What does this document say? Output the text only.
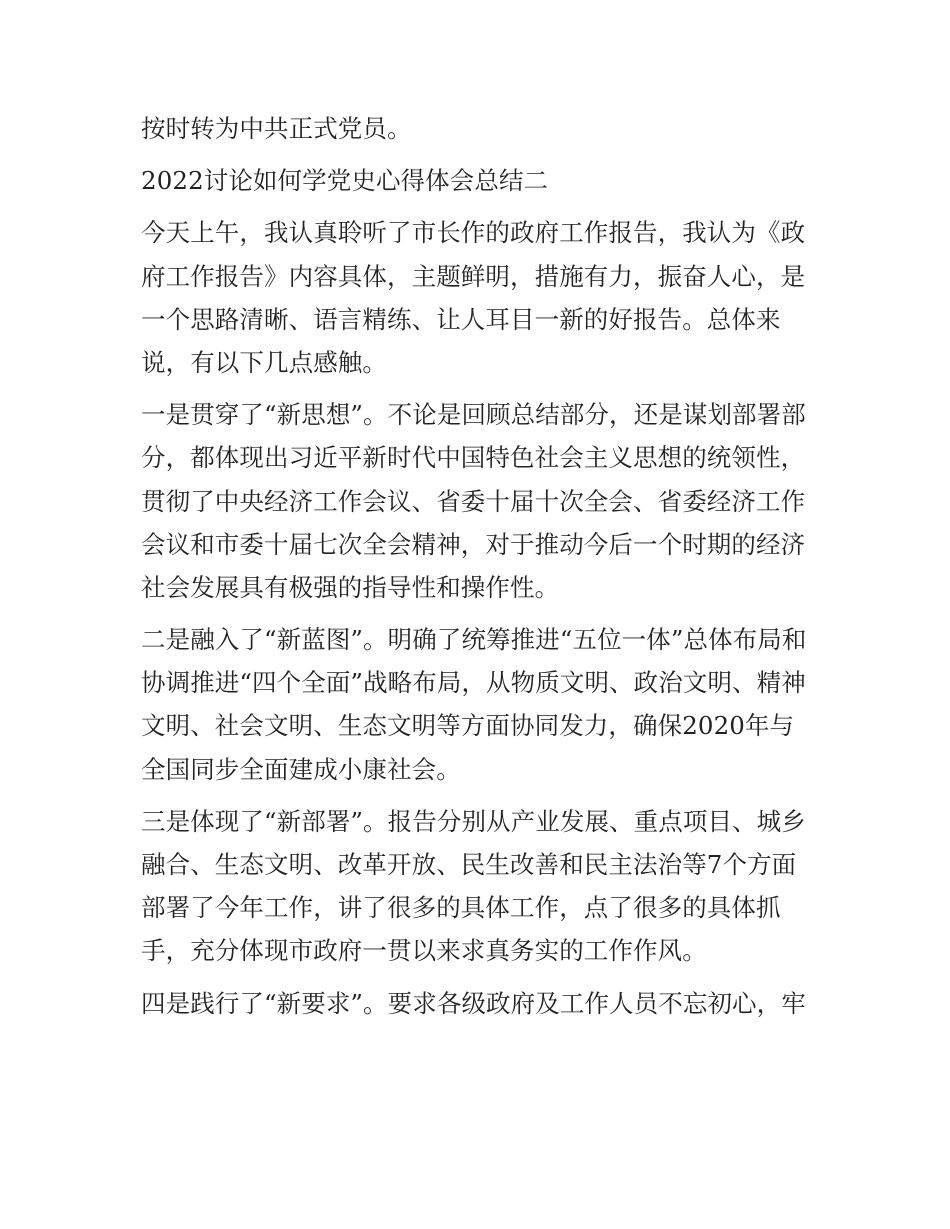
按时转为中共正式党员。
2022讨论如何学党史心得体会总结二
今天上午，我认真聆听了市长作的政府工作报告，我认为《政
府工作报告》内容具体，主题鲜明，措施有力，振奋人心，是
一个思路清晰、语言精练、让人耳目一新的好报告。总体来
说，有以下几点感触。
一是贯穿了“新思想”。不论是回顾总结部分，还是谋划部署部
分，都体现出习近平新时代中国特色社会主义思想的统领性，
贯彻了中央经济工作会议、省委十届十次全会、省委经济工作
会议和市委十届七次全会精神，对于推动今后一个时期的经济
社会发展具有极强的指导性和操作性。
二是融入了“新蓝图”。明确了统筹推进“五位一体”总体布局和
协调推进“四个全面”战略布局，从物质文明、政治文明、精神
文明、社会文明、生态文明等方面协同发力，确保2020年与
全国同步全面建成小康社会。
三是体现了“新部署”。报告分别从产业发展、重点项目、城乡
融合、生态文明、改革开放、民生改善和民主法治等7个方面
部署了今年工作，讲了很多的具体工作，点了很多的具体抓
手，充分体现市政府一贯以来求真务实的工作作风。
四是践行了“新要求”。要求各级政府及工作人员不忘初心，牢
